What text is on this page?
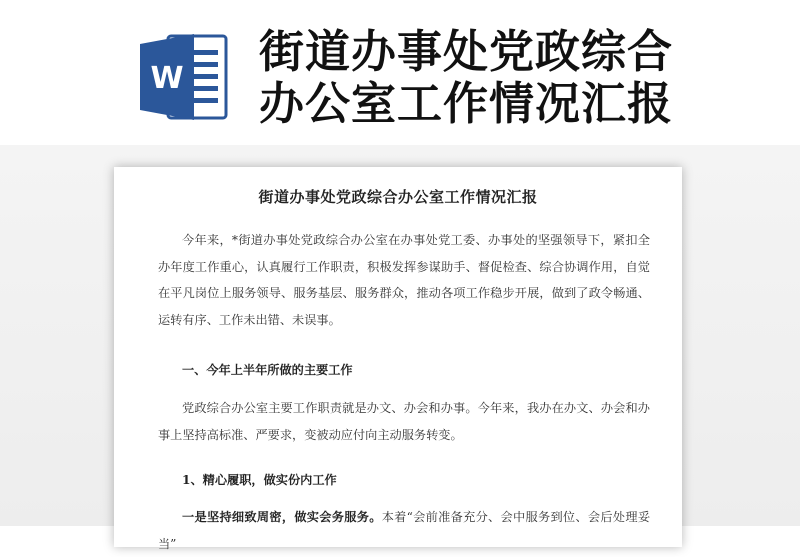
W
街道办事处党政综合
办公室工作情况汇报
街道办事处党政综合办公室工作情况汇报

今年来，*街道办事处党政综合办公室在办事处党工委、办事处的坚强领导下，紧扣全办年度工作重心，认真履行工作职责，积极发挥参谋助手、督促检查、综合协调作用，自觉在平凡岗位上服务领导、服务基层、服务群众，推动各项工作稳步开展，做到了政令畅通、运转有序、工作未出错、未误事。

一、今年上半年所做的主要工作

党政综合办公室主要工作职责就是办文、办会和办事。今年来，我办在办文、办会和办事上坚持高标准、严要求，变被动应付向主动服务转变。

1、精心履职，做实份内工作

一是坚持细致周密，做实会务服务。本着“会前准备充分、会中服务到位、会后处理妥当”
